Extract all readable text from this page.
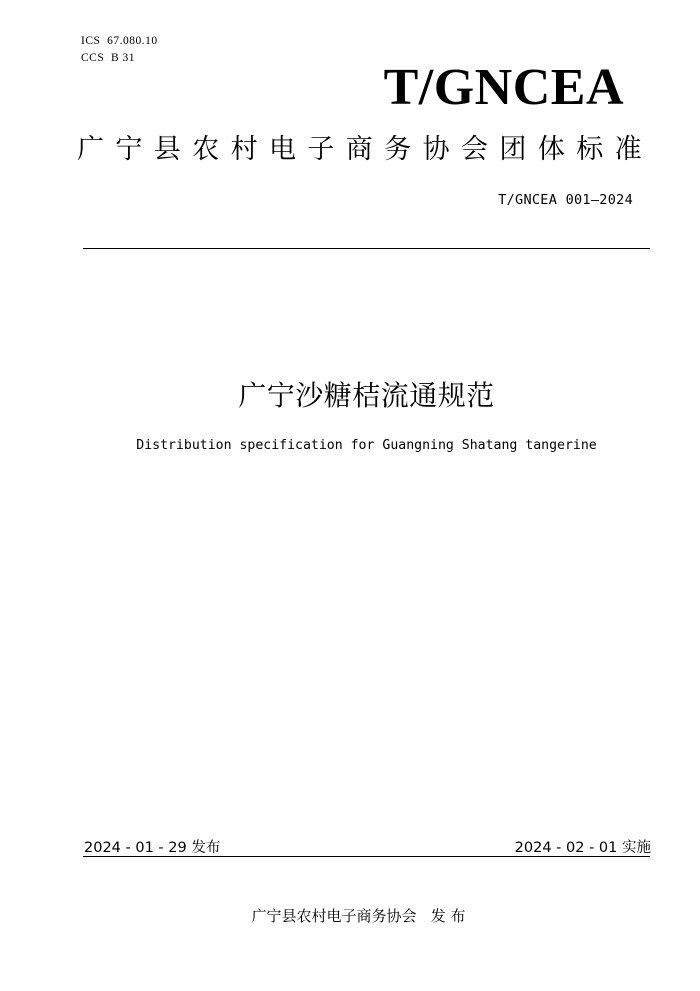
ICS  67.080.10
CCS  B 31
T/GNCEA
广宁县农村电子商务协会团体标准
T/GNCEA 001—2024
广宁沙糖桔流通规范
Distribution specification for Guangning Shatang tangerine
2024 - 01 - 29 发布	2024 - 02 - 01 实施
广宁县农村电子商务协会   发 布
